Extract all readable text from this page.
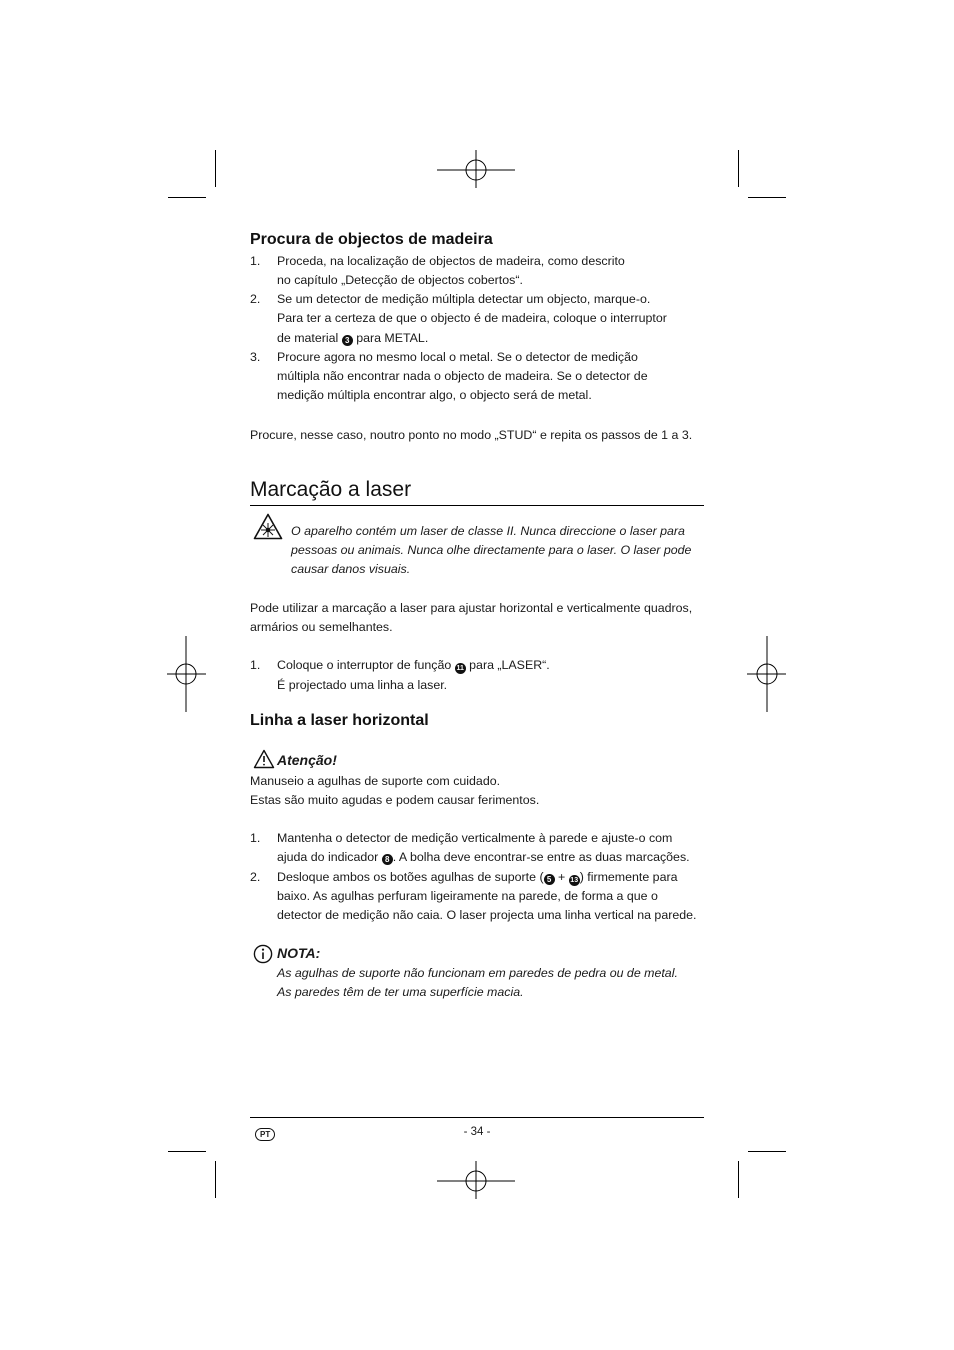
Procura de objectos de madeira
1. Proceda, na localização de objectos de madeira, como descrito
no capítulo „Detecção de objectos cobertos“.
2. Se um detector de medição múltipla detectar um objecto, marque-o.
Para ter a certeza de que o objecto é de madeira, coloque o interruptor
de material 3 para METAL.
3. Procure agora no mesmo local o metal. Se o detector de medição
múltipla não encontrar nada o objecto de madeira. Se o detector de
medição múltipla encontrar algo, o objecto será de metal.
Procure, nesse caso, noutro ponto no modo „STUD“ e repita os passos de 1 a 3.
Marcação a laser
O aparelho contém um laser de classe II. Nunca direccione o laser para
pessoas ou animais. Nunca olhe directamente para o laser. O laser pode
causar danos visuais.
Pode utilizar a marcação a laser para ajustar horizontal e verticalmente quadros,
armários ou semelhantes.
1. Coloque o interruptor de função 11 para „LASER“.
É projectado uma linha a laser.
Linha a laser horizontal
Atenção!
Manuseio a agulhas de suporte com cuidado.
Estas são muito agudas e podem causar ferimentos.
1. Mantenha o detector de medição verticalmente à parede e ajuste-o com
ajuda do indicador 8 . A bolha deve encontrar-se entre as duas marcações.
2. Desloque ambos os botões agulhas de suporte ( 5 + 13 ) firmemente para
baixo. As agulhas perfuram ligeiramente na parede, de forma a que o
detector de medição não caia. O laser projecta uma linha vertical na parede.
NOTA:
As agulhas de suporte não funcionam em paredes de pedra ou de metal.
As paredes têm de ter uma superfície macia.
PT	- 34 -
